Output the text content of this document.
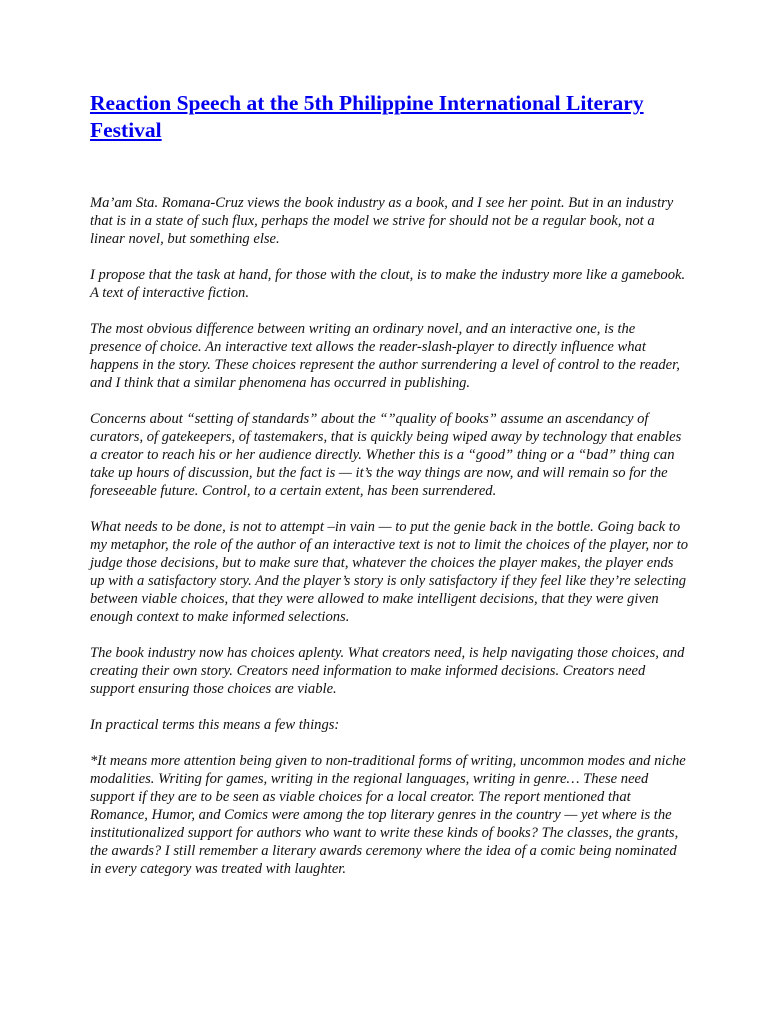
Reaction Speech at the 5th Philippine International Literary Festival

Ma’am Sta. Romana-Cruz views the book industry as a book, and I see her point. But in an industry that is in a state of such flux, perhaps the model we strive for should not be a regular book, not a linear novel, but something else.

I propose that the task at hand, for those with the clout, is to make the industry more like a gamebook. A text of interactive fiction.

The most obvious difference between writing an ordinary novel, and an interactive one, is the presence of choice. An interactive text allows the reader-slash-player to directly influence what happens in the story. These choices represent the author surrendering a level of control to the reader, and I think that a similar phenomena has occurred in publishing.

Concerns about “setting of standards” about the “”quality of books” assume an ascendancy of curators, of gatekeepers, of tastemakers, that is quickly being wiped away by technology that enables a creator to reach his or her audience directly. Whether this is a “good” thing or a “bad” thing can take up hours of discussion, but the fact is — it’s the way things are now, and will remain so for the foreseeable future. Control, to a certain extent, has been surrendered.

What needs to be done, is not to attempt –in vain — to put the genie back in the bottle. Going back to my metaphor, the role of the author of an interactive text is not to limit the choices of the player, nor to judge those decisions, but to make sure that, whatever the choices the player makes, the player ends up with a satisfactory story. And the player’s story is only satisfactory if they feel like they’re selecting between viable choices, that they were allowed to make intelligent decisions, that they were given enough context to make informed selections.

The book industry now has choices aplenty. What creators need, is help navigating those choices, and creating their own story. Creators need information to make informed decisions. Creators need support ensuring those choices are viable.

In practical terms this means a few things:

*It means more attention being given to non-traditional forms of writing, uncommon modes and niche modalities. Writing for games, writing in the regional languages, writing in genre… These need support if they are to be seen as viable choices for a local creator. The report mentioned that Romance, Humor, and Comics were among the top literary genres in the country — yet where is the institutionalized support for authors who want to write these kinds of books? The classes, the grants, the awards? I still remember a literary awards ceremony where the idea of a comic being nominated in every category was treated with laughter.
